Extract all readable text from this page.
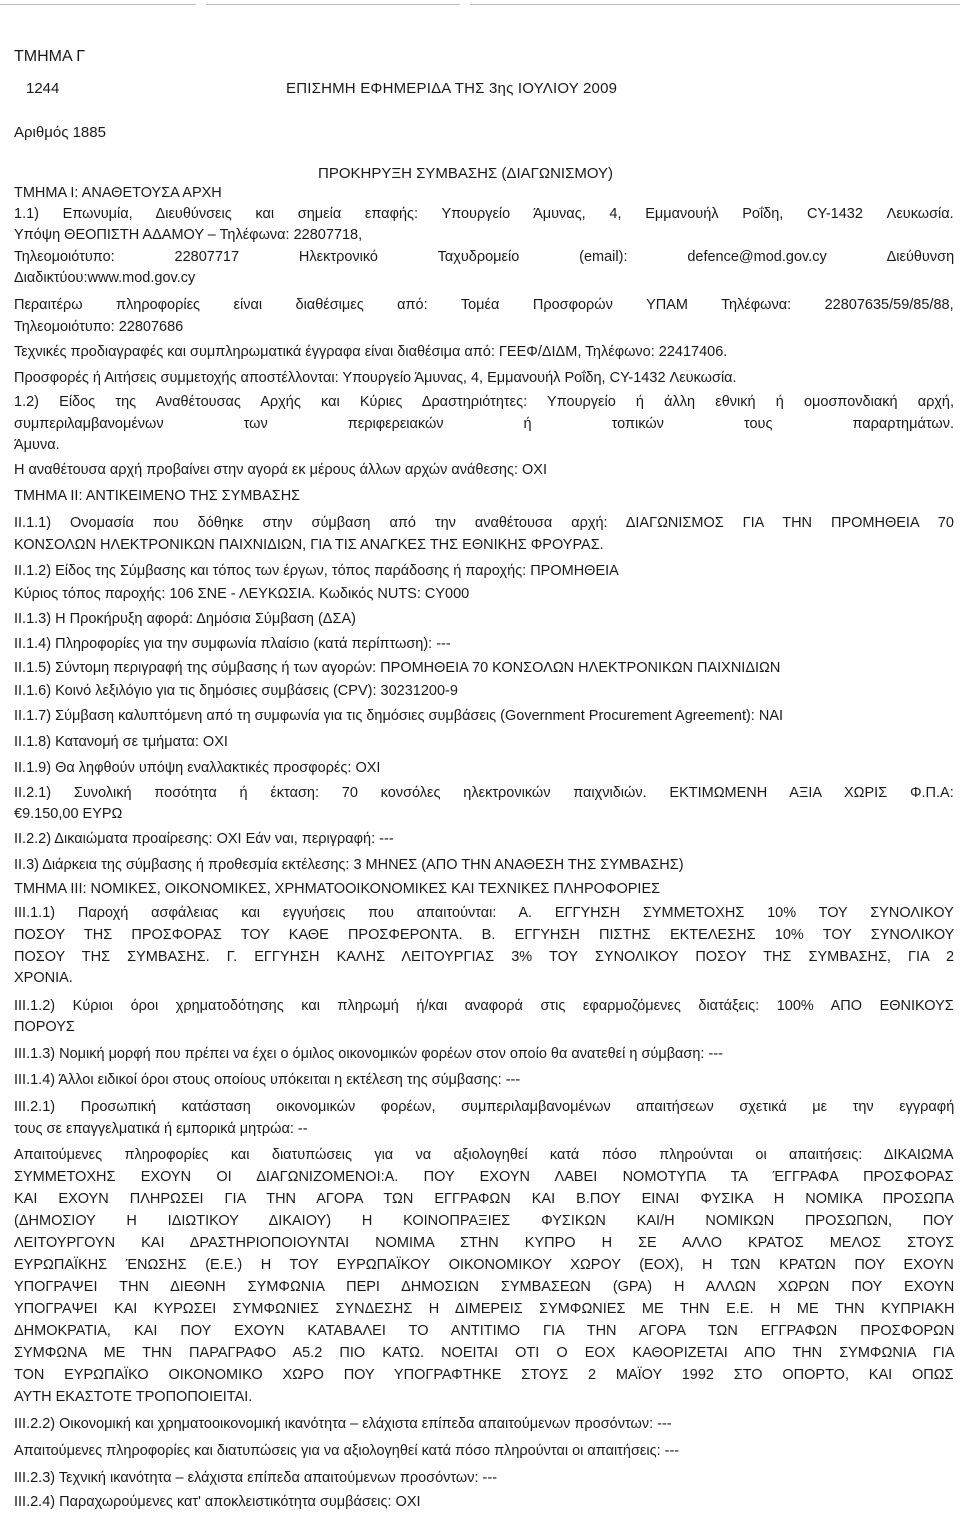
ΤΜΗΜΑ Γ
1244	ΕΠΙΣΗΜΗ ΕΦΗΜΕΡΙΔΑ ΤΗΣ 3ης ΙΟΥΛΙΟΥ 2009
Αριθμός 1885
ΠΡΟΚΗΡΥΞΗ ΣΥΜΒΑΣΗΣ (ΔΙΑΓΩΝΙΣΜΟΥ)
ΤΜΗΜΑ Ι: ΑΝΑΘΕΤΟΥΣΑ ΑΡΧΗ
1.1) Επωνυμία, Διευθύνσεις και σημεία επαφής: Υπουργείο Άμυνας, 4, Εμμανουήλ Ροΐδη, CY-1432 Λευκωσία.
Υπόψη ΘΕΟΠΙΣΤΗ ΑΔΑΜΟΥ – Τηλέφωνα: 22807718,
Τηλεομοιότυπο: 22807717 Ηλεκτρονικό Ταχυδρομείο (email): defence@mod.gov.cy Διεύθυνση
Διαδικτύου:www.mod.gov.cy
Περαιτέρω πληροφορίες είναι διαθέσιμες από: Τομέα Προσφορών ΥΠΑΜ Τηλέφωνα: 22807635/59/85/88,
Τηλεομοιότυπο: 22807686
Τεχνικές προδιαγραφές και συμπληρωματικά έγγραφα είναι διαθέσιμα από: ΓΕΕΦ/ΔΙΔΜ, Τηλέφωνο: 22417406.
Προσφορές ή Αιτήσεις συμμετοχής αποστέλλονται: Υπουργείο Άμυνας, 4, Εμμανουήλ Ροΐδη, CY-1432 Λευκωσία.
1.2) Είδος της Αναθέτουσας Αρχής και Κύριες Δραστηριότητες: Υπουργείο ή άλλη εθνική ή ομοσπονδιακή αρχή,
συμπεριλαμβανομένων των περιφερειακών ή τοπικών τους παραρτημάτων.
Άμυνα.
Η αναθέτουσα αρχή προβαίνει στην αγορά εκ μέρους άλλων αρχών ανάθεσης: ΟΧΙ
ΤΜΗΜΑ ΙΙ: ΑΝΤΙΚΕΙΜΕΝΟ ΤΗΣ ΣΥΜΒΑΣΗΣ
ΙΙ.1.1) Ονομασία που δόθηκε στην σύμβαση από την αναθέτουσα αρχή: ΔΙΑΓΩΝΙΣΜΟΣ ΓΙΑ ΤΗΝ ΠΡΟΜΗΘΕΙΑ 70
ΚΟΝΣΟΛΩΝ ΗΛΕΚΤΡΟΝΙΚΩΝ ΠΑΙΧΝΙΔΙΩΝ, ΓΙΑ ΤΙΣ ΑΝΑΓΚΕΣ ΤΗΣ ΕΘΝΙΚΗΣ ΦΡΟΥΡΑΣ.
ΙΙ.1.2) Είδος της Σύμβασης και τόπος των έργων, τόπος παράδοσης ή παροχής: ΠΡΟΜΗΘΕΙΑ
Κύριος τόπος παροχής: 106 ΣΝΕ - ΛΕΥΚΩΣΙΑ. Κωδικός NUTS: CY000
ΙΙ.1.3) Η Προκήρυξη αφορά: Δημόσια Σύμβαση (ΔΣΑ)
ΙΙ.1.4) Πληροφορίες για την συμφωνία πλαίσιο (κατά περίπτωση): ---
ΙΙ.1.5) Σύντομη περιγραφή της σύμβασης ή των αγορών: ΠΡΟΜΗΘΕΙΑ 70 ΚΟΝΣΟΛΩΝ ΗΛΕΚΤΡΟΝΙΚΩΝ ΠΑΙΧΝΙΔΙΩΝ
ΙΙ.1.6) Κοινό λεξιλόγιο για τις δημόσιες συμβάσεις (CPV): 30231200-9
ΙΙ.1.7) Σύμβαση καλυπτόμενη από τη συμφωνία για τις δημόσιες συμβάσεις (Government Procurement Agreement): ΝΑΙ
ΙΙ.1.8) Κατανομή σε τμήματα: ΟΧΙ
ΙΙ.1.9) Θα ληφθούν υπόψη εναλλακτικές προσφορές: ΟΧΙ
ΙΙ.2.1) Συνολική ποσότητα ή έκταση: 70 κονσόλες ηλεκτρονικών παιχνιδιών. ΕΚΤΙΜΩΜΕΝΗ ΑΞΙΑ ΧΩΡΙΣ Φ.Π.Α:
€9.150,00 ΕΥΡΩ
ΙΙ.2.2) Δικαιώματα προαίρεσης: ΟΧΙ Εάν ναι, περιγραφή: ---
ΙΙ.3) Διάρκεια της σύμβασης ή προθεσμία εκτέλεσης: 3 ΜΗΝΕΣ (ΑΠΟ ΤΗΝ ΑΝΑΘΕΣΗ ΤΗΣ ΣΥΜΒΑΣΗΣ)
ΤΜΗΜΑ ΙΙΙ: ΝΟΜΙΚΕΣ, ΟΙΚΟΝΟΜΙΚΕΣ, ΧΡΗΜΑΤΟΟΙΚΟΝΟΜΙΚΕΣ ΚΑΙ ΤΕΧΝΙΚΕΣ ΠΛΗΡΟΦΟΡΙΕΣ
ΙΙΙ.1.1) Παροχή ασφάλειας και εγγυήσεις που απαιτούνται: Α. ΕΓΓΥΗΣΗ ΣΥΜΜΕΤΟΧΗΣ 10% ΤΟΥ ΣΥΝΟΛΙΚΟΥ
ΠΟΣΟΥ ΤΗΣ ΠΡΟΣΦΟΡΑΣ ΤΟΥ ΚΑΘΕ ΠΡΟΣΦΕΡΟΝΤΑ. Β. ΕΓΓΥΗΣΗ ΠΙΣΤΗΣ ΕΚΤΕΛΕΣΗΣ 10% ΤΟΥ ΣΥΝΟΛΙΚΟΥ
ΠΟΣΟΥ ΤΗΣ ΣΥΜΒΑΣΗΣ. Γ. ΕΓΓΥΗΣΗ ΚΑΛΗΣ ΛΕΙΤΟΥΡΓΙΑΣ 3% ΤΟΥ ΣΥΝΟΛΙΚΟΥ ΠΟΣΟΥ ΤΗΣ ΣΥΜΒΑΣΗΣ, ΓΙΑ 2
ΧΡΟΝΙΑ.
ΙΙΙ.1.2) Κύριοι όροι χρηματοδότησης και πληρωμή ή/και αναφορά στις εφαρμοζόμενες διατάξεις: 100% ΑΠΟ ΕΘΝΙΚΟΥΣ
ΠΟΡΟΥΣ
ΙΙΙ.1.3) Νομική μορφή που πρέπει να έχει ο όμιλος οικονομικών φορέων στον οποίο θα ανατεθεί η σύμβαση: ---
ΙΙΙ.1.4) Άλλοι ειδικοί όροι στους οποίους υπόκειται η εκτέλεση της σύμβασης: ---
ΙΙΙ.2.1) Προσωπική κατάσταση οικονομικών φορέων, συμπεριλαμβανομένων απαιτήσεων σχετικά με την εγγραφή
τους σε επαγγελματικά ή εμπορικά μητρώα: --
Απαιτούμενες πληροφορίες και διατυπώσεις για να αξιολογηθεί κατά πόσο πληρούνται οι απαιτήσεις: ΔΙΚΑΙΩΜΑ
ΣΥΜΜΕΤΟΧΗΣ ΕΧΟΥΝ ΟΙ ΔΙΑΓΩΝΙΖΟΜΕΝΟΙ:Α. ΠΟΥ ΕΧΟΥΝ ΛΑΒΕΙ ΝΟΜΟΤΥΠΑ ΤΑ ΈΓΓΡΑΦΑ ΠΡΟΣΦΟΡΑΣ
ΚΑΙ ΕΧΟΥΝ ΠΛΗΡΩΣΕΙ ΓΙΑ ΤΗΝ ΑΓΟΡΑ ΤΩΝ ΕΓΓΡΑΦΩΝ ΚΑΙ Β.ΠΟΥ ΕΙΝΑΙ ΦΥΣΙΚΑ Η ΝΟΜΙΚΑ ΠΡΟΣΩΠΑ
(ΔΗΜΟΣΙΟΥ Η ΙΔΙΩΤΙΚΟΥ ΔΙΚΑΙΟΥ) Η ΚΟΙΝΟΠΡΑΞΙΕΣ ΦΥΣΙΚΩΝ ΚΑΙ/Η ΝΟΜΙΚΩΝ ΠΡΟΣΩΠΩΝ, ΠΟΥ
ΛΕΙΤΟΥΡΓΟΥΝ ΚΑΙ ΔΡΑΣΤΗΡΙΟΠΟΙΟΥΝΤΑΙ ΝΟΜΙΜΑ ΣΤΗΝ ΚΥΠΡΟ Η ΣΕ ΑΛΛΟ ΚΡΑΤΟΣ ΜΕΛΟΣ ΣΤΟΥΣ
ΕΥΡΩΠΑΪΚΗΣ ΈΝΩΣΗΣ (Ε.Ε.) Η ΤΟΥ ΕΥΡΩΠΑΪΚΟΥ ΟΙΚΟΝΟΜΙΚΟΥ ΧΩΡΟΥ (ΕΟΧ), Η ΤΩΝ ΚΡΑΤΩΝ ΠΟΥ ΕΧΟΥΝ
ΥΠΟΓΡΑΨΕΙ ΤΗΝ ΔΙΕΘΝΗ ΣΥΜΦΩΝΙΑ ΠΕΡΙ ΔΗΜΟΣΙΩΝ ΣΥΜΒΑΣΕΩΝ (GPA) Η ΑΛΛΩΝ ΧΩΡΩΝ ΠΟΥ ΕΧΟΥΝ
ΥΠΟΓΡΑΨΕΙ ΚΑΙ ΚΥΡΩΣΕΙ ΣΥΜΦΩΝΙΕΣ ΣΥΝΔΕΣΗΣ Η ΔΙΜΕΡΕΙΣ ΣΥΜΦΩΝΙΕΣ ΜΕ ΤΗΝ Ε.Ε. Η ΜΕ ΤΗΝ ΚΥΠΡΙΑΚΗ
ΔΗΜΟΚΡΑΤΙΑ, ΚΑΙ ΠΟΥ ΕΧΟΥΝ ΚΑΤΑΒΑΛΕΙ ΤΟ ΑΝΤΙΤΙΜΟ ΓΙΑ ΤΗΝ ΑΓΟΡΑ ΤΩΝ ΕΓΓΡΑΦΩΝ ΠΡΟΣΦΟΡΩΝ
ΣΥΜΦΩΝΑ ΜΕ ΤΗΝ ΠΑΡΑΓΡΑΦΟ Α5.2 ΠΙΟ ΚΑΤΩ. ΝΟΕΙΤΑΙ ΟΤΙ Ο ΕΟΧ ΚΑΘΟΡΙΖΕΤΑΙ ΑΠΟ ΤΗΝ ΣΥΜΦΩΝΙΑ ΓΙΑ
ΤΟΝ ΕΥΡΩΠΑΪΚΟ ΟΙΚΟΝΟΜΙΚΟ ΧΩΡΟ ΠΟΥ ΥΠΟΓΡΑΦΤΗΚΕ ΣΤΟΥΣ 2 ΜΑΪΟΥ 1992 ΣΤΟ ΟΠΟΡΤΟ, ΚΑΙ ΟΠΩΣ
ΑΥΤΗ ΕΚΑΣΤΟΤΕ ΤΡΟΠΟΠΟΙΕΙΤΑΙ.
ΙΙΙ.2.2) Οικονομική και χρηματοοικονομική ικανότητα – ελάχιστα επίπεδα απαιτούμενων προσόντων: ---
Απαιτούμενες πληροφορίες και διατυπώσεις για να αξιολογηθεί κατά πόσο πληρούνται οι απαιτήσεις: ---
ΙΙΙ.2.3) Τεχνική ικανότητα – ελάχιστα επίπεδα απαιτούμενων προσόντων: ---
ΙΙΙ.2.4) Παραχωρούμενες κατ' αποκλειστικότητα συμβάσεις: ΟΧΙ
